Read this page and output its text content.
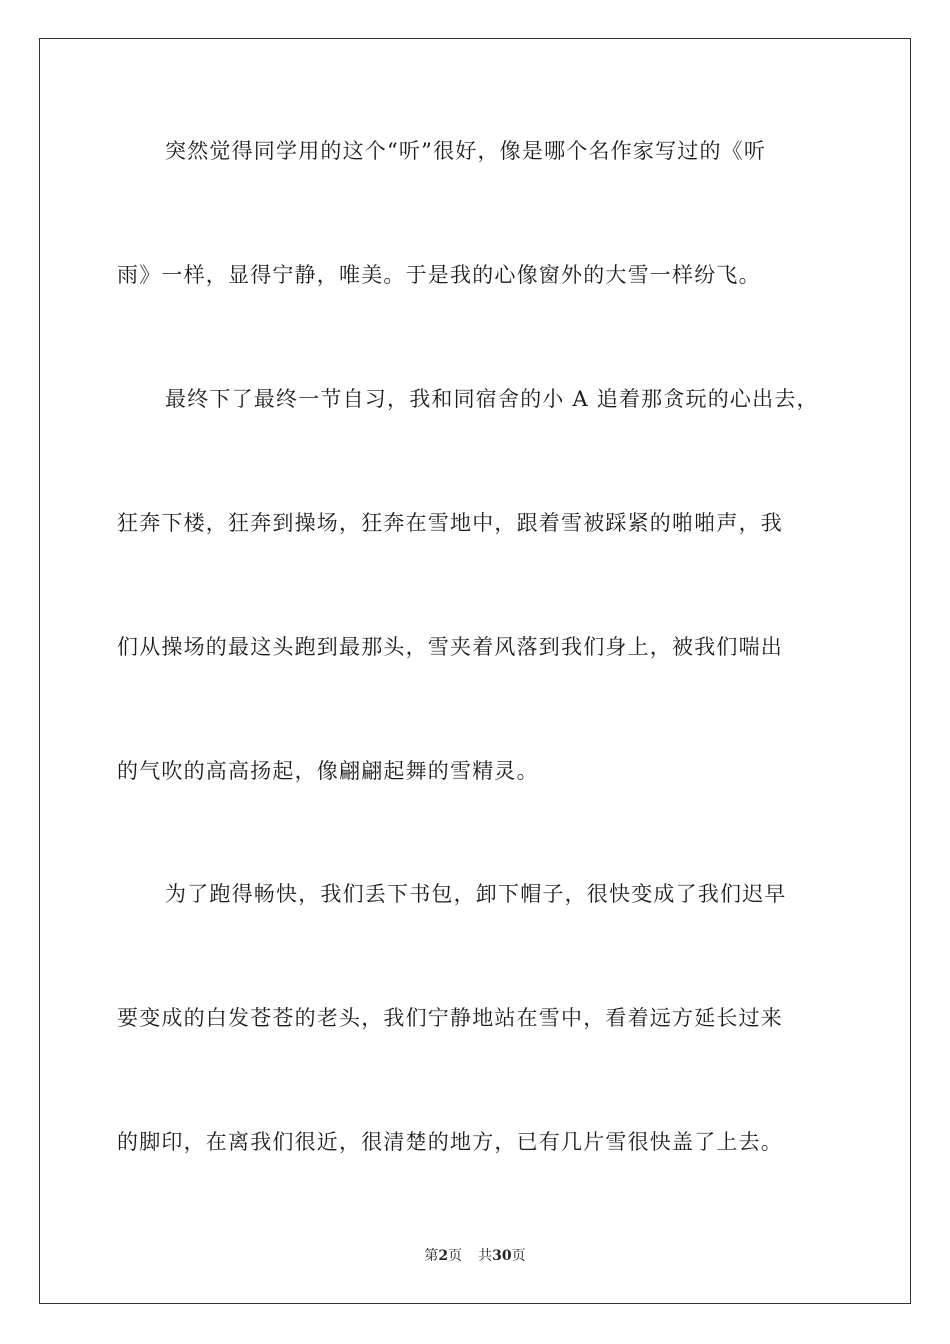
突然觉得同学用的这个“听”很好，像是哪个名作家写过的《听
雨》一样，显得宁静，唯美。于是我的心像窗外的大雪一样纷飞。
最终下了最终一节自习，我和同宿舍的小 A 追着那贪玩的心出去，
狂奔下楼，狂奔到操场，狂奔在雪地中，跟着雪被踩紧的啪啪声，我
们从操场的最这头跑到最那头，雪夹着风落到我们身上，被我们喘出
的气吹的高高扬起，像翩翩起舞的雪精灵。
为了跑得畅快，我们丢下书包，卸下帽子，很快变成了我们迟早
要变成的白发苍苍的老头，我们宁静地站在雪中，看着远方延长过来
的脚印，在离我们很近，很清楚的地方，已有几片雪很快盖了上去。
第2页 共30页
